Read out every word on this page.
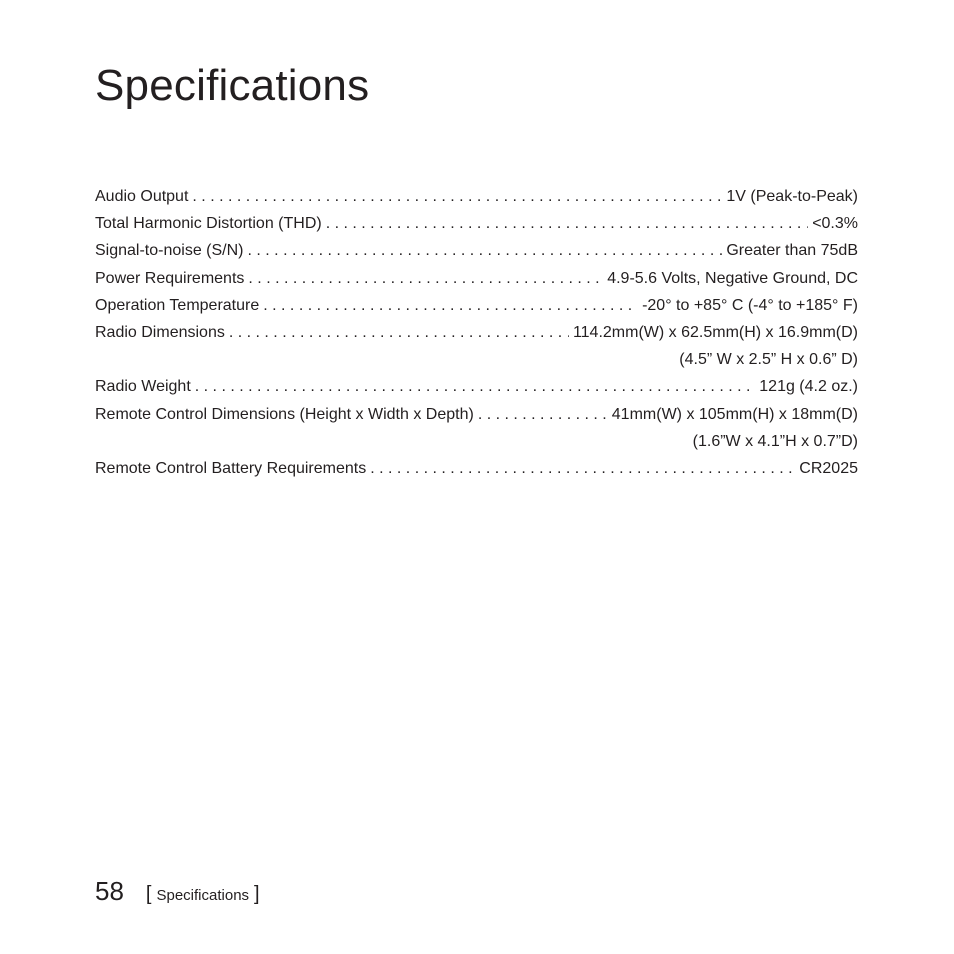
Specifications
Audio Output . . .	1V (Peak-to-Peak)
Total Harmonic Distortion (THD) . . .	<0.3%
Signal-to-noise (S/N) . . .	Greater than 75dB
Power Requirements . . .	4.9-5.6 Volts, Negative Ground, DC
Operation Temperature . . .	-20° to +85° C (-4° to +185° F)
Radio Dimensions . . .	114.2mm(W) x 62.5mm(H) x 16.9mm(D)
(4.5” W x 2.5” H x 0.6” D)
Radio Weight . . .	121g (4.2 oz.)
Remote Control Dimensions (Height x Width x Depth) . . .	41mm(W) x 105mm(H) x 18mm(D)
(1.6”W x 4.1”H x 0.7”D)
Remote Control Battery Requirements . . .	CR2025
58 [ Specifications ]
